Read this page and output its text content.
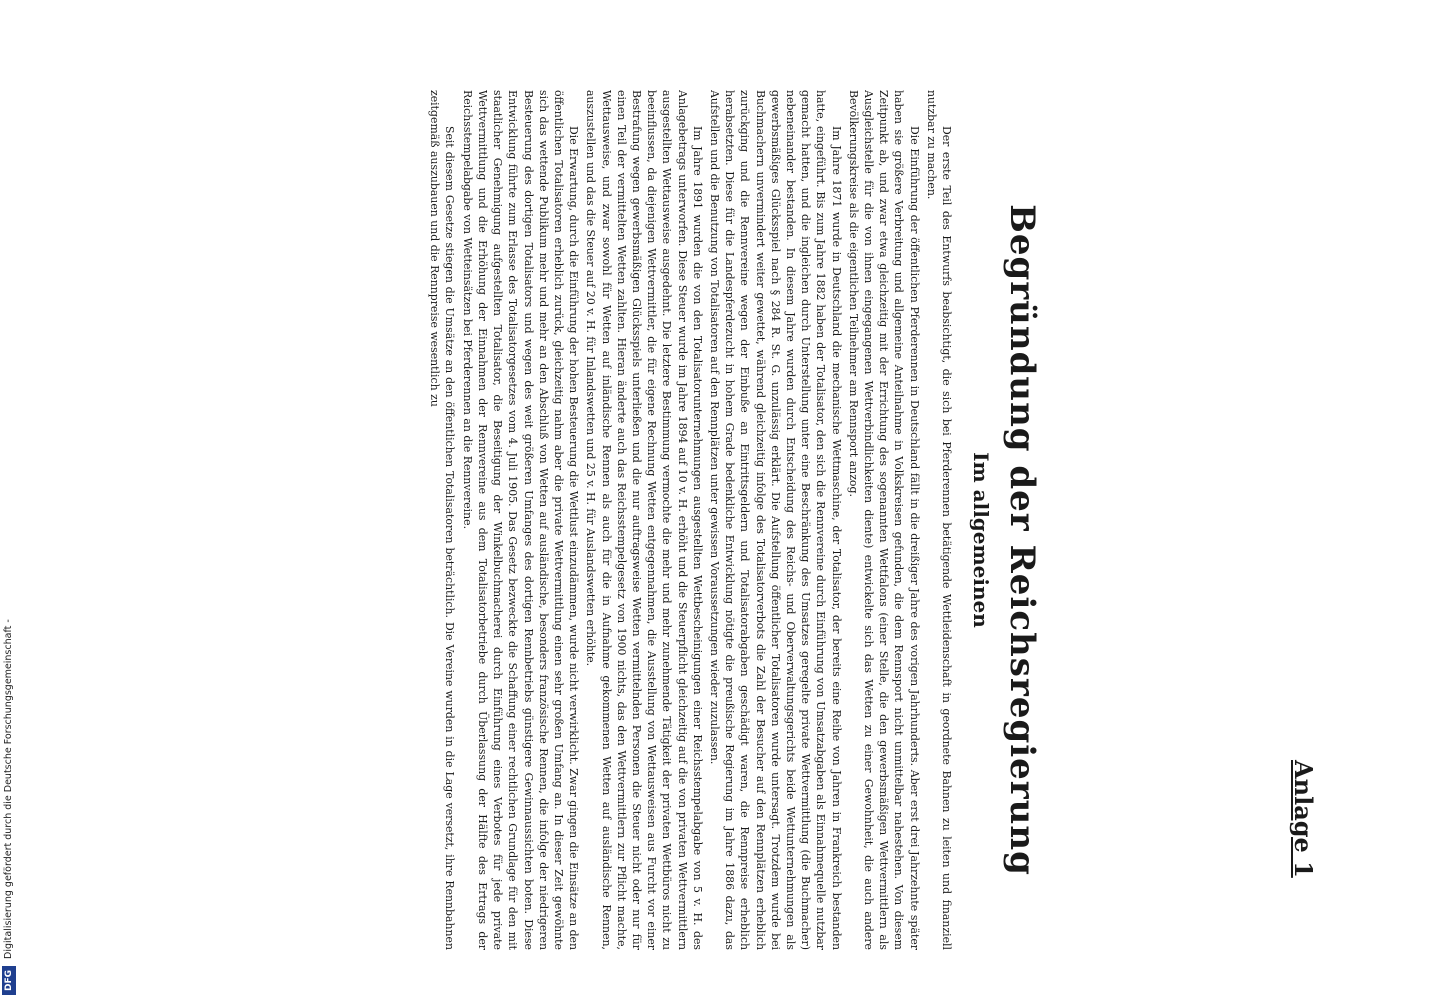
Anlage 1
Begründung der Reichsregierung
Im allgemeinen

Der erste Teil des Entwurfs beabsichtigt, die sich bei Pferderennen betätigende Wettleidenschaft in geordnete Bahnen zu leiten und finanziell nutzbar zu machen.

Die Einführung der öffentlichen Pferderennen in Deutschland fällt in die dreißiger Jahre des vorigen Jahrhunderts. Aber erst drei Jahrzehnte später haben sie größere Verbreitung und allgemeine Anteilnahme in Volkskreisen gefunden, die dem Rennsport nicht unmittelbar nahestehen. Von diesem Zeitpunkt ab, und zwar etwa gleichzeitig mit der Errichtung des sogenannten Wettfalons (einer Stelle, die den gewerbsmäßigen Wettvermittlern als Ausgleichstelle für die von ihnen eingegangenen Wettverbindlichkeiten diente) entwickelte sich das Wetten zu einer Gewohnheit, die auch andere Bevölkerungskreise als die eigentlichen Teilnehmer am Rennsport anzog.

Im Jahre 1871 wurde in Deutschland die mechanische Wettmaschine, der Totalisator, der bereits eine Reihe von Jahren in Frankreich bestanden hatte, eingeführt. Bis zum Jahre 1882 haben der Totalisator, den sich die Rennvereine durch Einführung von Umsatzabgaben als Einnahmequelle nutzbar gemacht hatten, und die ingleichen durch Unterstellung unter eine Beschränkung des Umsatzes geregelte private Wettvermittlung (die Buchmacher) nebeneinander bestanden. In diesem Jahre wurden durch Entscheidung des Reichs- und Oberverwaltungsgerichts beide Wettunternehmungen als gewerbsmäßiges Glücksspiel nach § 284 R. St. G. unzulässig erklärt. Die Aufstellung öffentlicher Totalisatoren wurde untersagt. Trotzdem wurde bei Buchmachern unvermindert weiter gewettet, während gleichzeitig infolge des Totalisatorverbots die Zahl der Besucher auf den Rennplätzen erheblich zurückging und die Rennvereine wegen der Einbuße an Eintrittsgeldern und Totalisatorabgaben geschädigt waren, die Rennpreise erheblich herabsetzten. Diese für die Landespferdezucht in hohem Grade bedenkliche Entwicklung nötigte die preußische Regierung im Jahre 1886 dazu, das Aufstellen und die Benutzung von Totalisatoren auf den Rennplätzen unter gewissen Voraussetzungen wieder zuzulassen.

Im Jahre 1891 wurden die von den Totalisatorunternehmungen ausgestellten Wettbescheinigungen einer Reichsstempelabgabe von 5 v. H. des Anlagebetrags unterworfen. Diese Steuer wurde im Jahre 1894 auf 10 v. H. erhöht und die Steuerpflicht gleichzeitig auf die von privaten Wettvermittlern ausgestellten Wettausweise ausgedehnt. Die letztere Bestimmung vermochte die mehr und mehr zunehmende Tätigkeit der privaten Wettbüros nicht zu beeinflussen, da diejenigen Wettvermittler, die für eigene Rechnung Wetten entgegennahmen, die Ausstellung von Wettausweisen aus Furcht vor einer Bestrafung wegen gewerbsmäßigen Glücksspiels unterließen und die nur auftragsweise Wetten vermittelnden Personen die Steuer nicht oder nur für einen Teil der vermittelten Wetten zahlten. Hieran änderte auch das Reichsstempelgesetz von 1900 nichts, das den Wettvermittlern zur Pflicht machte, Wettausweise, und zwar sowohl für Wetten auf inländische Rennen als auch für die in Aufnahme gekommenen Wetten auf ausländische Rennen, auszustellen und das die Steuer auf 20 v. H. für Inlandswetten und 25 v. H. für Auslandswetten erhöhte.

Die Erwartung, durch die Einführung der hohen Besteuerung die Wettlust einzudämmen, wurde nicht verwirklicht. Zwar gingen die Einsätze an den öffentlichen Totalisatoren erheblich zurück, gleichzeitig nahm aber die private Wettvermittlung einen sehr großen Umfang an. In dieser Zeit gewöhnte sich das wettende Publikum mehr und mehr an den Abschluß von Wetten auf ausländische, besonders französische Rennen, die infolge der niedrigeren Besteuerung des dortigen Totalisators und wegen des weit größeren Umfanges des dortigen Rennbetriebs günstigere Gewinnaussichten boten. Diese Entwicklung führte zum Erlasse des Totalisatorgesetzes vom 4. Juli 1905. Das Gesetz bezweckte die Schaffung einer rechtlichen Grundlage für den mit staatlicher Genehmigung aufgestellten Totalisator, die Beseitigung der Winkelbuchmacherei durch Einführung eines Verbotes für jede private Wettvermittlung und die Erhöhung der Einnahmen der Rennvereine aus dem Totalisatorbetriebe durch Überlassung der Hälfte des Ertrags der Reichsstempelabgabe von Wetteinsätzen bei Pferderennen an die Rennvereine.

Seit diesem Gesetze stiegen die Umsätze an den öffentlichen Totalisatoren beträchtlich. Die Vereine wurden in die Lage versetzt, ihre Rennbahnen zeitgemäß auszubauen und die Rennpreise wesentlich zu

DFG Digitalisierung gefördert durch die Deutsche Forschungsgemeinschaft -
